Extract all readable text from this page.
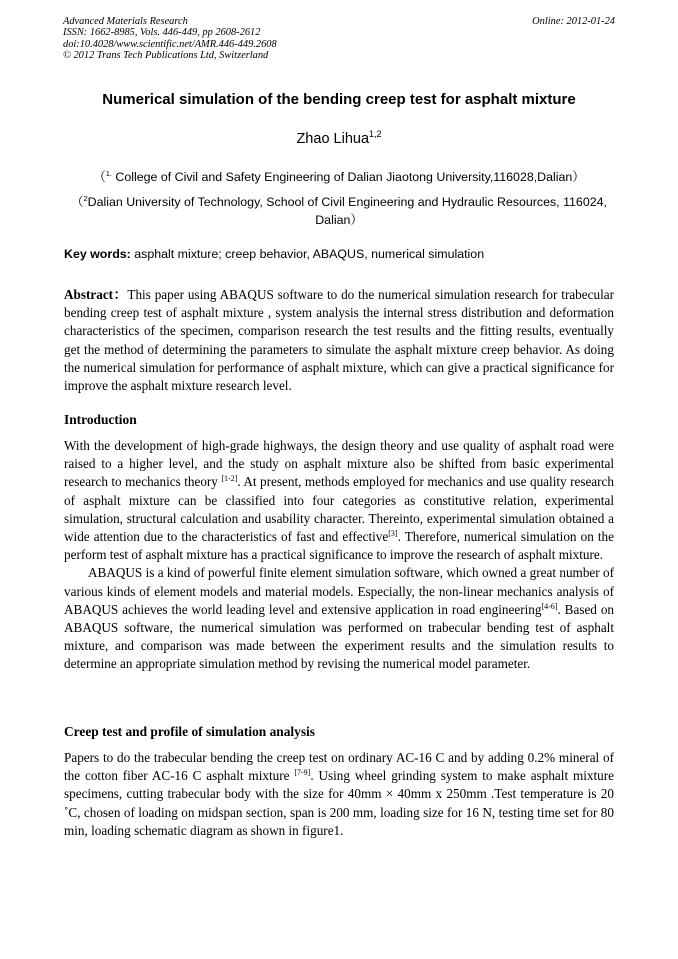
Advanced Materials Research
ISSN: 1662-8985, Vols. 446-449, pp 2608-2612
doi:10.4028/www.scientific.net/AMR.446-449.2608
© 2012 Trans Tech Publications Ltd, Switzerland
Online: 2012-01-24
Numerical simulation of the bending creep test for asphalt mixture
Zhao Lihua$^{1,2}$
（$^{1.}$ College of Civil and Safety Engineering of Dalian Jiaotong University,116028,Dalian）
（$^2$Dalian University of Technology, School of Civil Engineering and Hydraulic Resources, 116024, Dalian）
Key words: asphalt mixture; creep behavior, ABAQUS, numerical simulation

Abstract：This paper using ABAQUS software to do the numerical simulation research for trabecular bending creep test of asphalt mixture , system analysis the internal stress distribution and deformation characteristics of the specimen, comparison research the test results and the fitting results, eventually get the method of determining the parameters to simulate the asphalt mixture creep behavior. As doing the numerical simulation for performance of asphalt mixture, which can give a practical significance for improve the asphalt mixture research level.

Introduction

With the development of high-grade highways, the design theory and use quality of asphalt road were raised to a higher level, and the study on asphalt mixture also be shifted from basic experimental research to mechanics theory [1-2]. At present, methods employed for mechanics and use quality research of asphalt mixture can be classified into four categories as constitutive relation, experimental simulation, structural calculation and usability character. Thereinto, experimental simulation obtained a wide attention due to the characteristics of fast and effective[3]. Therefore, numerical simulation on the perform test of asphalt mixture has a practical significance to improve the research of asphalt mixture.

ABAQUS is a kind of powerful finite element simulation software, which owned a great number of various kinds of element models and material models. Especially, the non-linear mechanics analysis of ABAQUS achieves the world leading level and extensive application in road engineering[4-6]. Based on ABAQUS software, the numerical simulation was performed on trabecular bending test of asphalt mixture, and comparison was made between the experiment results and the simulation results to determine an appropriate simulation method by revising the numerical model parameter.

Creep test and profile of simulation analysis

Papers to do the trabecular bending the creep test on ordinary AC-16 C and by adding 0.2% mineral of the cotton fiber AC-16 C asphalt mixture [7-9]. Using wheel grinding system to make asphalt mixture specimens, cutting trabecular body with the size for 40mm × 40mm x 250mm .Test temperature is 20 ˚C, chosen of loading on midspan section, span is 200 mm, loading size for 16 N, testing time set for 80 min, loading schematic diagram as shown in figure1.
